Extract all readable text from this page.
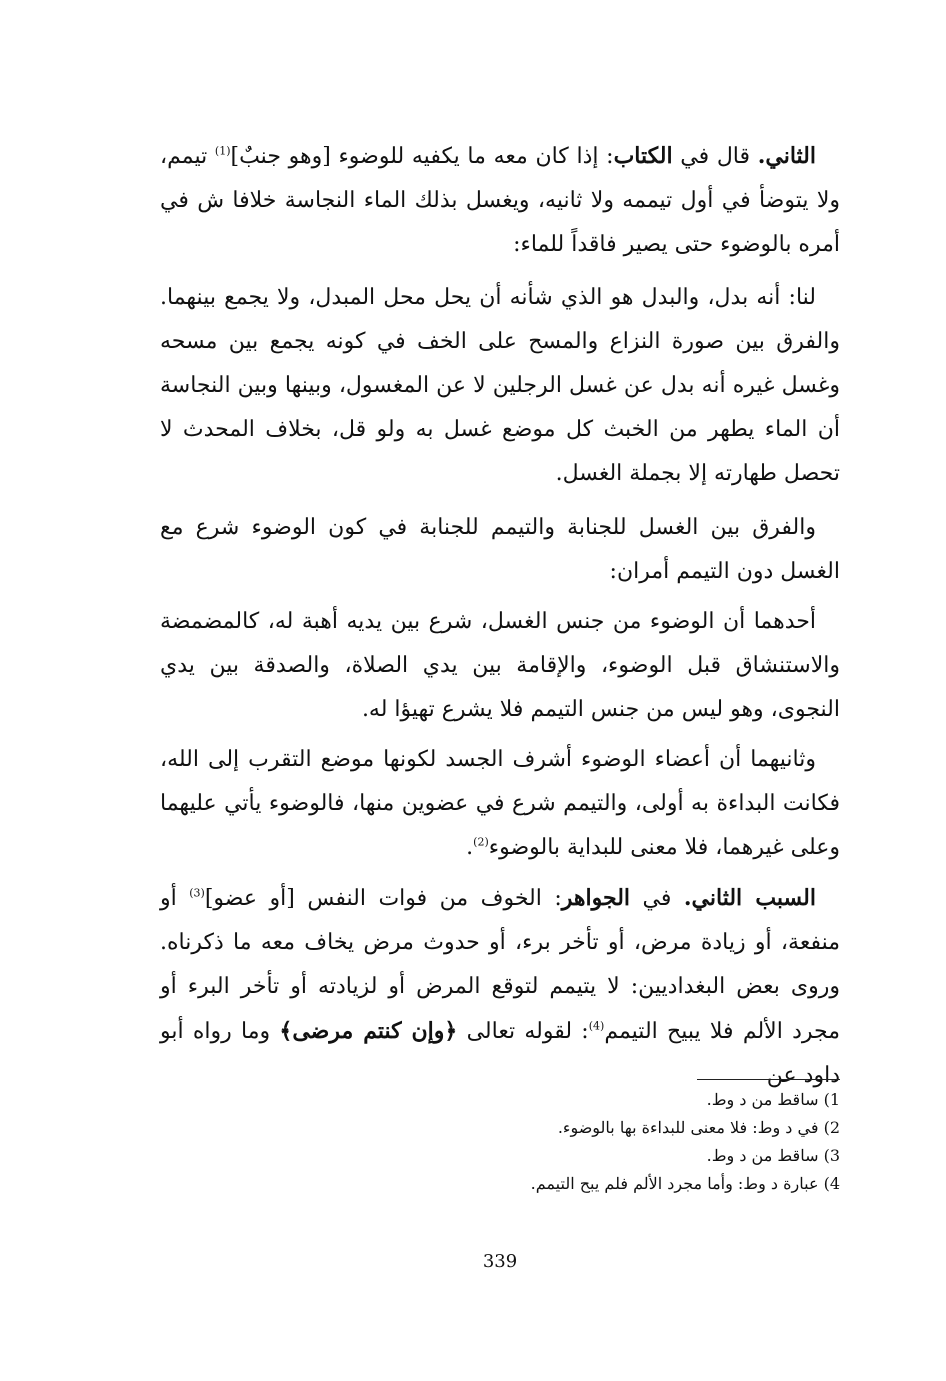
الثاني. قال في الكتاب: إذا كان معه ما يكفيه للوضوء [وهو جنبٌ]$^{(1)}$ تيمم، ولا يتوضأ في أول تيممه ولا ثانيه، ويغسل بذلك الماء النجاسة خلافا ش في أمره بالوضوء حتى يصير فاقداً للماء:

لنا: أنه بدل، والبدل هو الذي شأنه أن يحل محل المبدل، ولا يجمع بينهما. والفرق بين صورة النزاع والمسح على الخف في كونه يجمع بين مسحه وغسل غيره أنه بدل عن غسل الرجلين لا عن المغسول، وبينها وبين النجاسة أن الماء يطهر من الخبث كل موضع غسل به ولو قل، بخلاف المحدث لا تحصل طهارته إلا بجملة الغسل.

والفرق بين الغسل للجنابة والتيمم للجنابة في كون الوضوء شرع مع الغسل دون التيمم أمران:

أحدهما أن الوضوء من جنس الغسل، شرع بين يديه أهبة له، كالمضمضة والاستنشاق قبل الوضوء، والإقامة بين يدي الصلاة، والصدقة بين يدي النجوى، وهو ليس من جنس التيمم فلا يشرع تهيؤا له.

وثانيهما أن أعضاء الوضوء أشرف الجسد لكونها موضع التقرب إلى الله، فكانت البداءة به أولى، والتيمم شرع في عضوين منها، فالوضوء يأتي عليهما وعلى غيرهما، فلا معنى للبداية بالوضوء$^{(2)}$.

السبب الثاني. في الجواهر: الخوف من فوات النفس [أو عضو]$^{(3)}$ أو منفعة، أو زيادة مرض، أو تأخر برء، أو حدوث مرض يخاف معه ما ذكرناه. وروى بعض البغداديين: لا يتيمم لتوقع المرض أو لزيادته أو تأخر البرء أو مجرد الألم فلا يبيح التيمم$^{(4)}$: لقوله تعالى ﴿وإن كنتم مرضى﴾ وما رواه أبو داود عن

1) ساقط من د وط.

2) في د وط: فلا معنى للبداءة بها بالوضوء.

3) ساقط من د وط.

4) عبارة د وط: وأما مجرد الألم فلم يبح التيمم.

339
